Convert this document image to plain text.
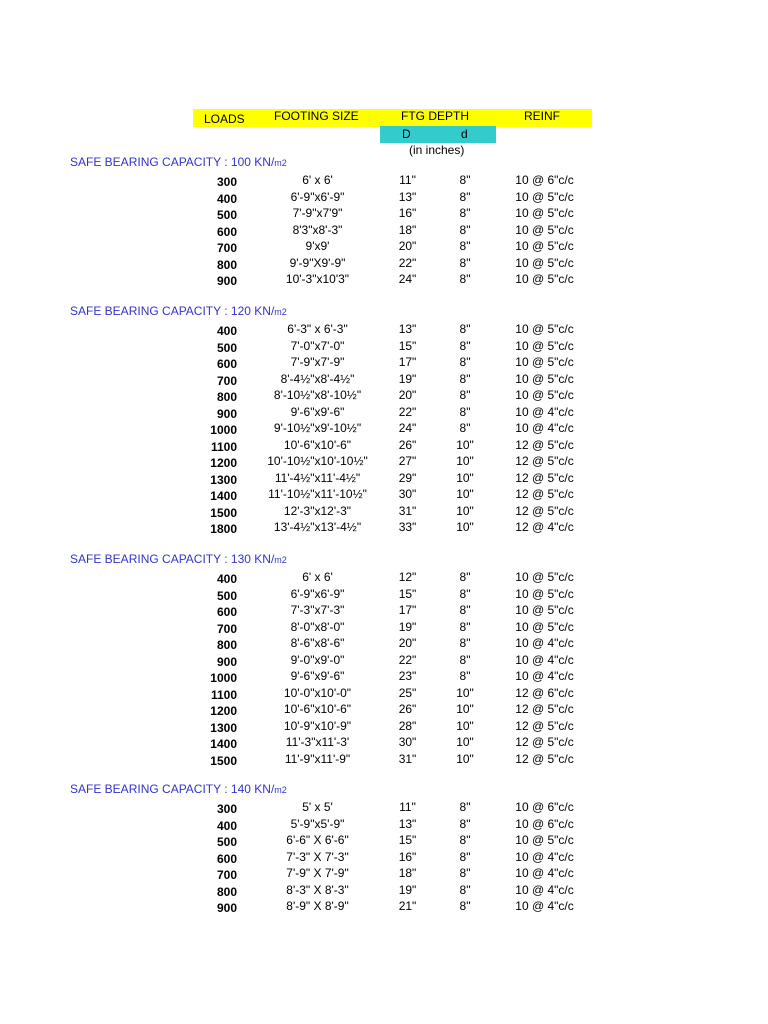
LOADS FOOTING SIZE	FTG DEPTH	REINF
D	d
(in inches)
SAFE BEARING CAPACITY : 100 KN/m2
300	6' x 6'	11"	8"	10 @ 6"c/c
400	6'-9"x6'-9"	13"	8"	10 @ 5"c/c
500	7'-9"x7'9"	16"	8"	10 @ 5"c/c
600	8'3"x8'-3"	18"	8"	10 @ 5"c/c
700	9'x9'	20"	8"	10 @ 5"c/c
800	9'-9"X9'-9"	22"	8"	10 @ 5"c/c
900	10'-3"x10'3"	24"	8"	10 @ 5"c/c
SAFE BEARING CAPACITY : 120 KN/m2
400	6'-3" x 6'-3"	13"	8"	10 @ 5"c/c
500	7'-0"x7'-0"	15"	8"	10 @ 5"c/c
600	7'-9"x7'-9"	17"	8"	10 @ 5"c/c
700	8'-4½"x8'-4½"	19"	8"	10 @ 5"c/c
800	8'-10½"x8'-10½"	20"	8"	10 @ 5"c/c
900	9'-6"x9'-6"	22"	8"	10 @ 4"c/c
1000	9'-10½"x9'-10½"	24"	8"	10 @ 4"c/c
1100	10'-6"x10'-6"	26"	10"	12 @ 5"c/c
1200	10'-10½"x10'-10½"	27"	10"	12 @ 5"c/c
1300	11'-4½"x11'-4½"	29"	10"	12 @ 5"c/c
1400	11'-10½"x11'-10½"	30"	10"	12 @ 5"c/c
1500	12'-3"x12'-3"	31"	10"	12 @ 5"c/c
1800	13'-4½"x13'-4½"	33"	10"	12 @ 4"c/c
SAFE BEARING CAPACITY : 130 KN/m2
400	6' x 6'	12"	8"	10 @ 5"c/c
500	6'-9"x6'-9"	15"	8"	10 @ 5"c/c
600	7'-3"x7'-3"	17"	8"	10 @ 5"c/c
700	8'-0"x8'-0"	19"	8"	10 @ 5"c/c
800	8'-6"x8'-6"	20"	8"	10 @ 4"c/c
900	9'-0"x9'-0"	22"	8"	10 @ 4"c/c
1000	9'-6"x9'-6"	23"	8"	10 @ 4"c/c
1100	10'-0"x10'-0"	25"	10"	12 @ 6"c/c
1200	10'-6"x10'-6"	26"	10"	12 @ 5"c/c
1300	10'-9"x10'-9"	28"	10"	12 @ 5"c/c
1400	11'-3"x11'-3'	30"	10"	12 @ 5"c/c
1500	11'-9"x11'-9"	31"	10"	12 @ 5"c/c
SAFE BEARING CAPACITY : 140 KN/m2
300	5' x 5'	11"	8"	10 @ 6"c/c
400	5'-9"x5'-9"	13"	8"	10 @ 6"c/c
500	6'-6" X 6'-6"	15"	8"	10 @ 5"c/c
600	7'-3" X 7'-3"	16"	8"	10 @ 4"c/c
700	7'-9" X 7'-9"	18"	8"	10 @ 4"c/c
800	8'-3" X 8'-3"	19"	8"	10 @ 4"c/c
900	8'-9" X 8'-9"	21"	8"	10 @ 4"c/c
